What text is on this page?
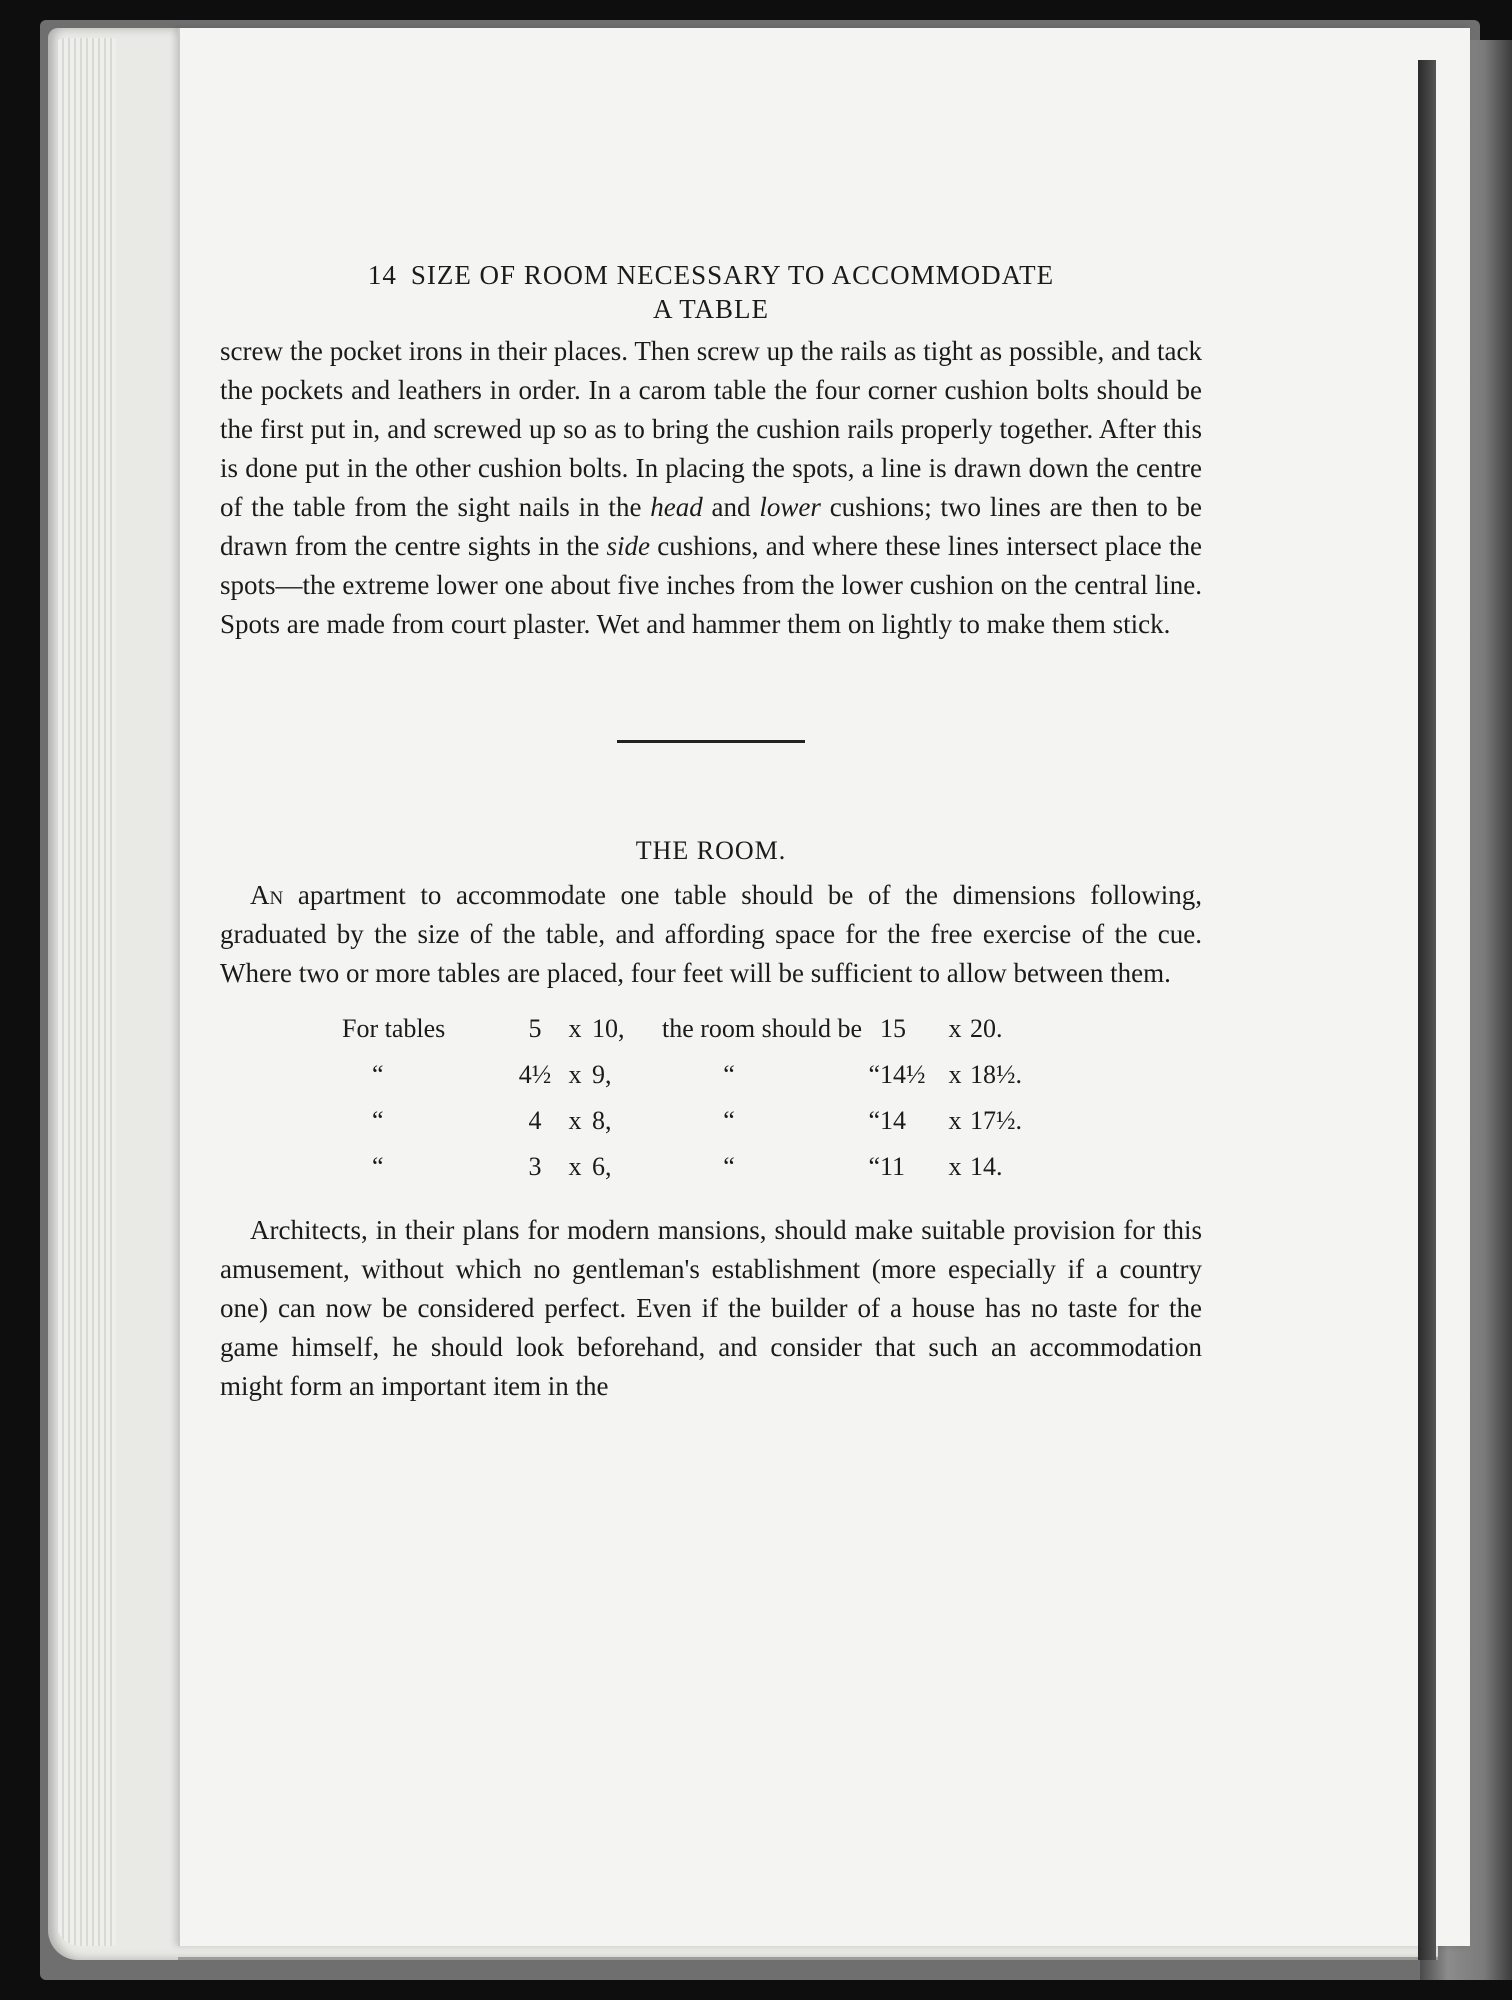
14 SIZE OF ROOM NECESSARY TO ACCOMMODATE
A TABLE

screw the pocket irons in their places. Then screw up the rails as tight as possible, and tack the pockets and leathers in order. In a carom table the four corner cushion bolts should be the first put in, and screwed up so as to bring the cushion rails properly together. After this is done put in the other cushion bolts. In placing the spots, a line is drawn down the centre of the table from the sight nails in the head and lower cushions; two lines are then to be drawn from the centre sights in the side cushions, and where these lines intersect place the spots—the extreme lower one about five inches from the lower cushion on the central line. Spots are made from court plaster. Wet and hammer them on lightly to make them stick.

THE ROOM.

An apartment to accommodate one table should be of the dimensions following, graduated by the size of the table, and affording space for the free exercise of the cue. Where two or more tables are placed, four feet will be sufficient to allow between them.

For tables	5	x	10,	the room should be		15	x	20.
“	4½	x	9,	“	“	14½	x	18½.
“	4	x	8,	“	“	14	x	17½.
“	3	x	6,	“	“	11	x	14.

Architects, in their plans for modern mansions, should make suitable provision for this amusement, without which no gentleman's establishment (more especially if a country one) can now be considered perfect. Even if the builder of a house has no taste for the game himself, he should look beforehand, and consider that such an accommodation might form an important item in the
